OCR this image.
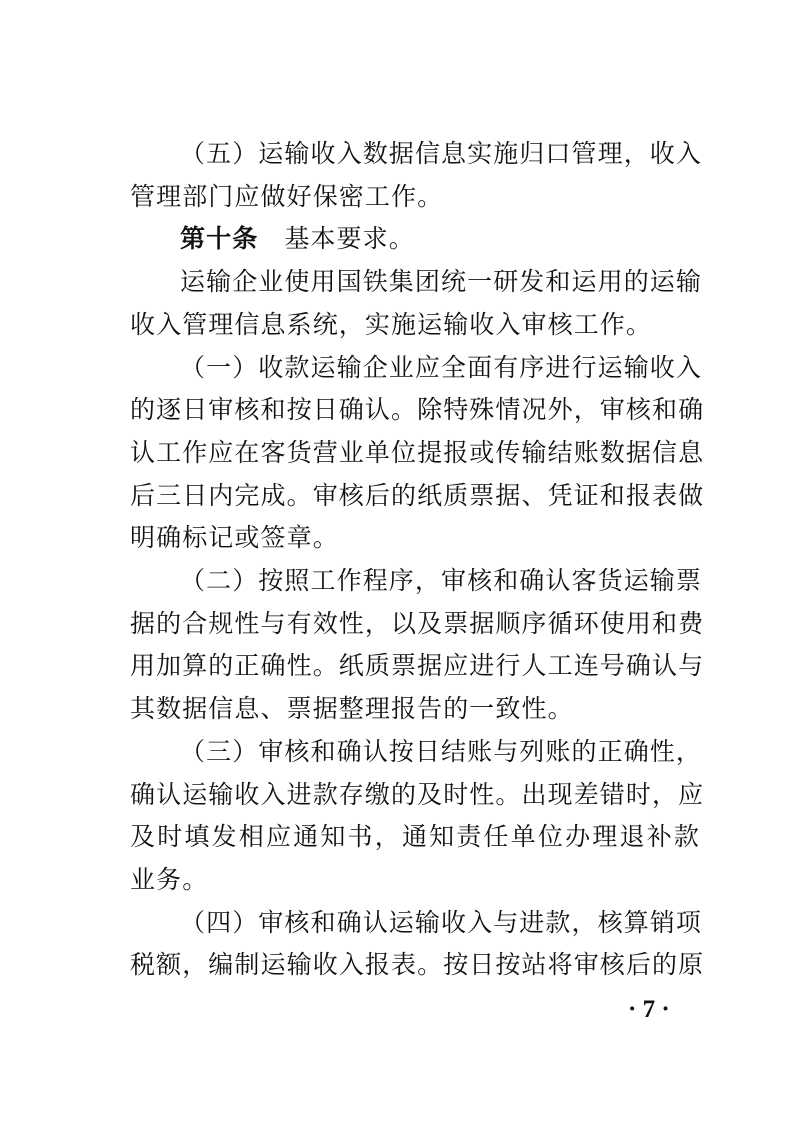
（五）运输收入数据信息实施归口管理，收入
管理部门应做好保密工作。

第十条 基本要求。

运输企业使用国铁集团统一研发和运用的运输
收入管理信息系统，实施运输收入审核工作。

（一）收款运输企业应全面有序进行运输收入
的逐日审核和按日确认。除特殊情况外，审核和确
认工作应在客货营业单位提报或传输结账数据信息
后三日内完成。审核后的纸质票据、凭证和报表做
明确标记或签章。

（二）按照工作程序，审核和确认客货运输票
据的合规性与有效性，以及票据顺序循环使用和费
用加算的正确性。纸质票据应进行人工连号确认与
其数据信息、票据整理报告的一致性。

（三）审核和确认按日结账与列账的正确性，
确认运输收入进款存缴的及时性。出现差错时，应
及时填发相应通知书，通知责任单位办理退补款
业务。

（四）审核和确认运输收入与进款，核算销项
税额，编制运输收入报表。按日按站将审核后的原

· 7 ·
